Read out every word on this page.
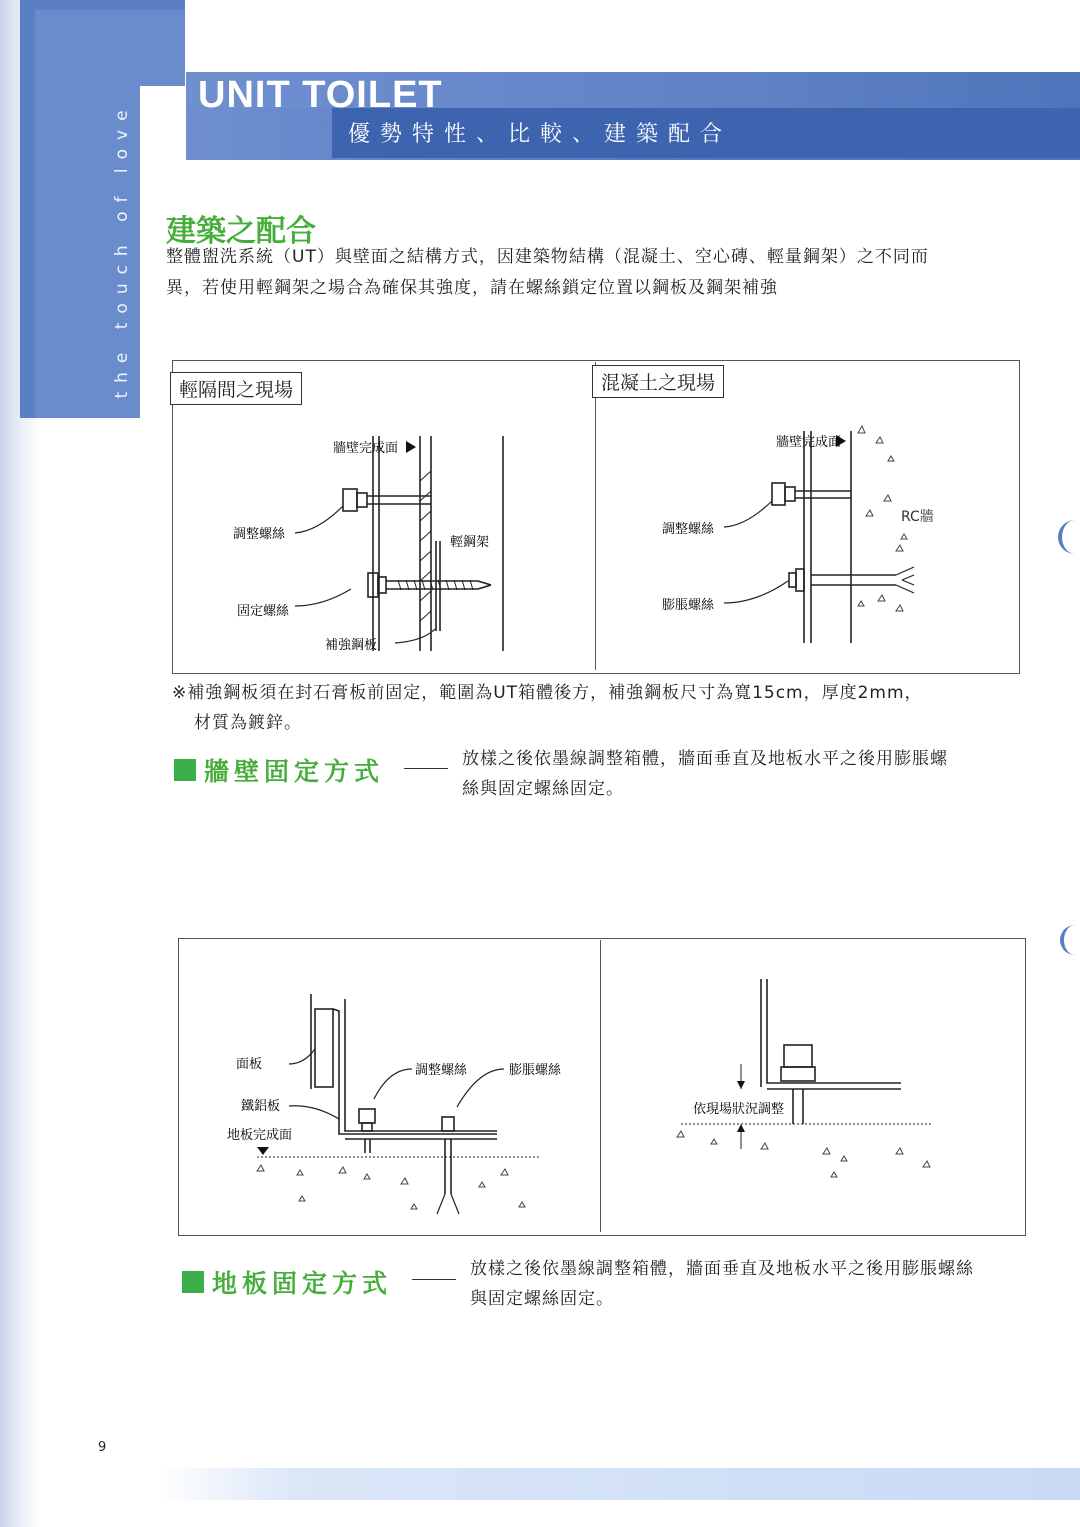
the touch of love
UNIT TOILET
優勢特性、比較、建築配合
建築之配合
整體盥洗系統（UT）與壁面之結構方式，因建築物結構（混凝土、空心磚、輕量鋼架）之不同而
異，若使用輕鋼架之場合為確保其強度，請在螺絲鎖定位置以鋼板及鋼架補強
輕隔間之現場	混凝土之現場
牆壁完成面
調整螺絲
輕鋼架
固定螺絲
補強鋼板
牆壁完成面
調整螺絲
RC牆
膨脹螺絲
※補強鋼板須在封石膏板前固定，範圍為UT箱體後方，補強鋼板尺寸為寬15cm，厚度2mm，
材質為鍍鋅。
牆壁固定方式	放樣之後依墨線調整箱體，牆面垂直及地板水平之後用膨脹螺
絲與固定螺絲固定。
面板	調整螺絲	膨脹螺絲
鐵鋁板
地板完成面
依現場狀況調整
地板固定方式	放樣之後依墨線調整箱體，牆面垂直及地板水平之後用膨脹螺絲
與固定螺絲固定。
9
